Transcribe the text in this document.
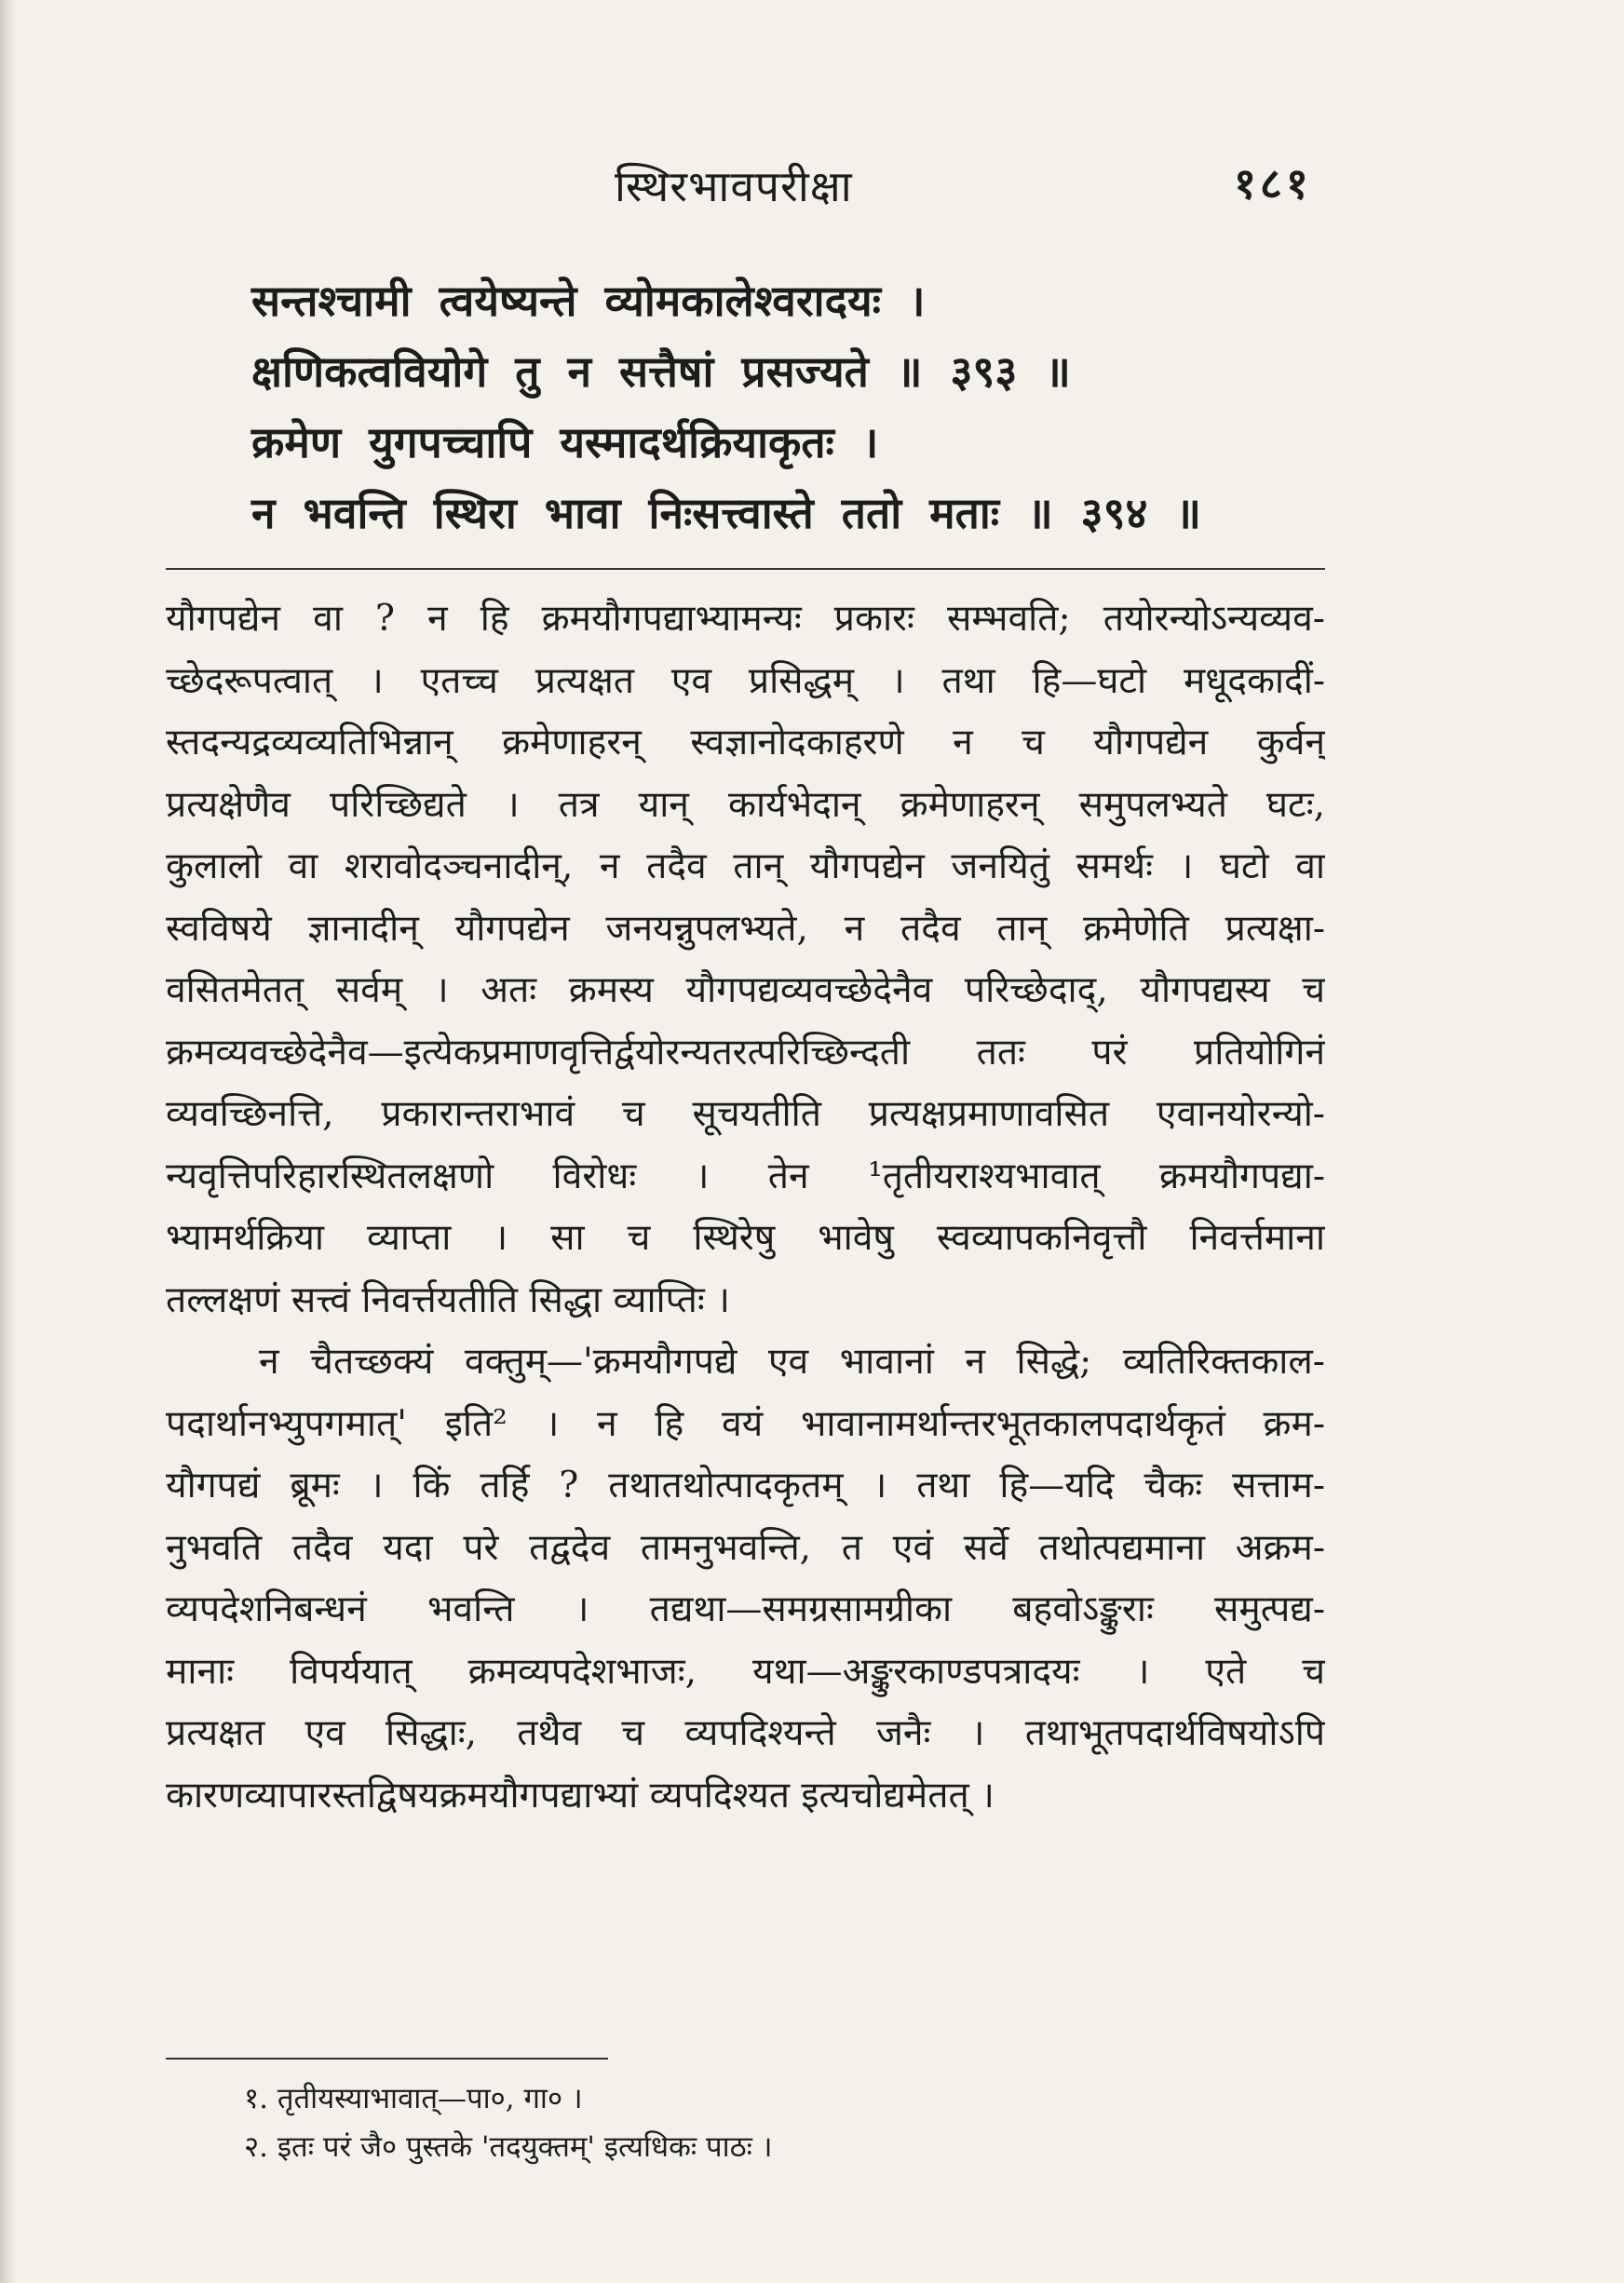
स्थिरभावपरीक्षा	१८१
सन्तश्चामी त्वयेष्यन्ते व्योमकालेश्वरादयः ।
क्षणिकत्ववियोगे तु न सत्तैषां प्रसज्यते ॥ ३९३ ॥
क्रमेण युगपच्चापि यस्मादर्थक्रियाकृतः ।
न भवन्ति स्थिरा भावा निःसत्त्वास्ते ततो मताः ॥ ३९४ ॥
यौगपद्येन वा ? न हि क्रमयौगपद्याभ्यामन्यः प्रकारः सम्भवति; तयोरन्योऽन्यव्यव-
च्छेदरूपत्वात् । एतच्च प्रत्यक्षत एव प्रसिद्धम् । तथा हि—घटो मधूदकादीं-
स्तदन्यद्रव्यव्यतिभिन्नान् क्रमेणाहरन् स्वज्ञानोदकाहरणे न च यौगपद्येन कुर्वन्
प्रत्यक्षेणैव परिच्छिद्यते । तत्र यान् कार्यभेदान् क्रमेणाहरन् समुपलभ्यते घटः,
कुलालो वा शरावोदञ्चनादीन्, न तदैव तान् यौगपद्येन जनयितुं समर्थः । घटो वा
स्वविषये ज्ञानादीन् यौगपद्येन जनयन्नुपलभ्यते, न तदैव तान् क्रमेणेति प्रत्यक्षा-
वसितमेतत् सर्वम् । अतः क्रमस्य यौगपद्यव्यवच्छेदेनैव परिच्छेदाद्, यौगपद्यस्य च
क्रमव्यवच्छेदेनैव—इत्येकप्रमाणवृत्तिर्द्वयोरन्यतरत्परिच्छिन्दती ततः परं प्रतियोगिनं
व्यवच्छिनत्ति, प्रकारान्तराभावं च सूचयतीति प्रत्यक्षप्रमाणावसित एवानयोरन्यो-
न्यवृत्तिपरिहारस्थितलक्षणो विरोधः । तेन ¹तृतीयराश्यभावात् क्रमयौगपद्या-
भ्यामर्थक्रिया व्याप्ता । सा च स्थिरेषु भावेषु स्वव्यापकनिवृत्तौ निवर्त्तमाना
तल्लक्षणं सत्त्वं निवर्त्तयतीति सिद्धा व्याप्तिः ।
न चैतच्छक्यं वक्तुम्—'क्रमयौगपद्ये एव भावानां न सिद्धे; व्यतिरिक्तकाल-
पदार्थानभ्युपगमात्' इति² । न हि वयं भावानामर्थान्तरभूतकालपदार्थकृतं क्रम-
यौगपद्यं ब्रूमः । किं तर्हि ? तथातथोत्पादकृतम् । तथा हि—यदि चैकः सत्ताम-
नुभवति तदैव यदा परे तद्वदेव तामनुभवन्ति, त एवं सर्वे तथोत्पद्यमाना अक्रम-
व्यपदेशनिबन्धनं भवन्ति । तद्यथा—समग्रसामग्रीका बहवोऽङ्कुराः समुत्पद्य-
मानाः विपर्ययात् क्रमव्यपदेशभाजः, यथा—अङ्कुरकाण्डपत्रादयः । एते च
प्रत्यक्षत एव सिद्धाः, तथैव च व्यपदिश्यन्ते जनैः । तथाभूतपदार्थविषयोऽपि
कारणव्यापारस्तद्विषयक्रमयौगपद्याभ्यां व्यपदिश्यत इत्यचोद्यमेतत् ।
१. तृतीयस्याभावात्—पा०, गा० ।
२. इतः परं जै० पुस्तके 'तदयुक्तम्' इत्यधिकः पाठः ।
